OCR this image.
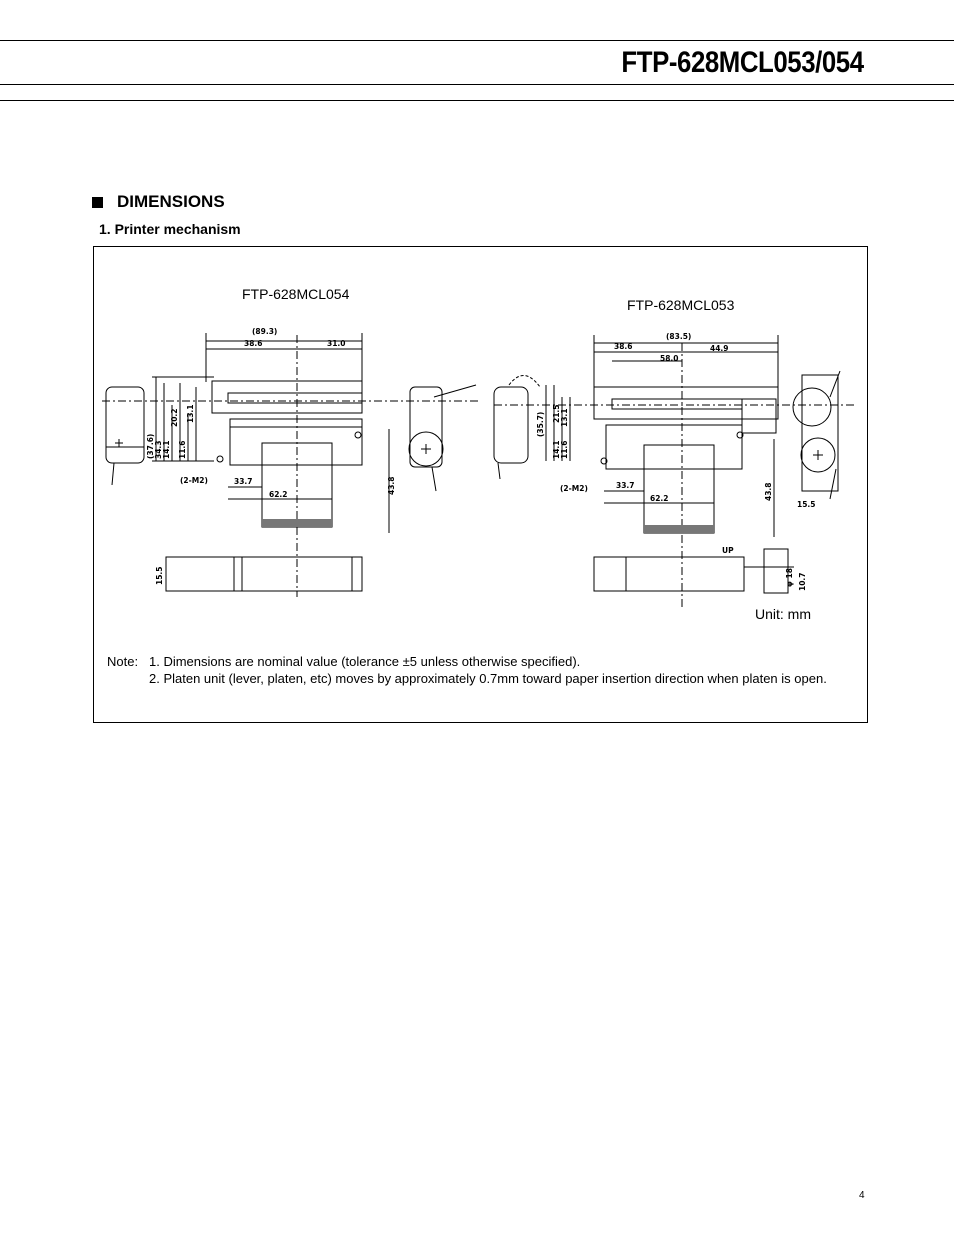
FTP-628MCL053/054
DIMENSIONS
1. Printer mechanism
(89.3)
38.6	31.0
(37.6) 34.3 14.1
20.2
11.6
13.1
(2-M2)	33.7
62.2	43.8
15.5
(83.5)
38.6	44.9
58.0
(35.7) 21.5 13.1
14.1 11.6
(2-M2)	33.7
62.2	43.8
15.5
UP
φ 18 10.7
FTP-628MCL054
FTP-628MCL053
Unit: mm
Note: 1. Dimensions are nominal value (tolerance ±5 unless otherwise specified).
2. Platen unit (lever, platen, etc) moves by approximately 0.7mm toward paper insertion direction when platen is open.
4
